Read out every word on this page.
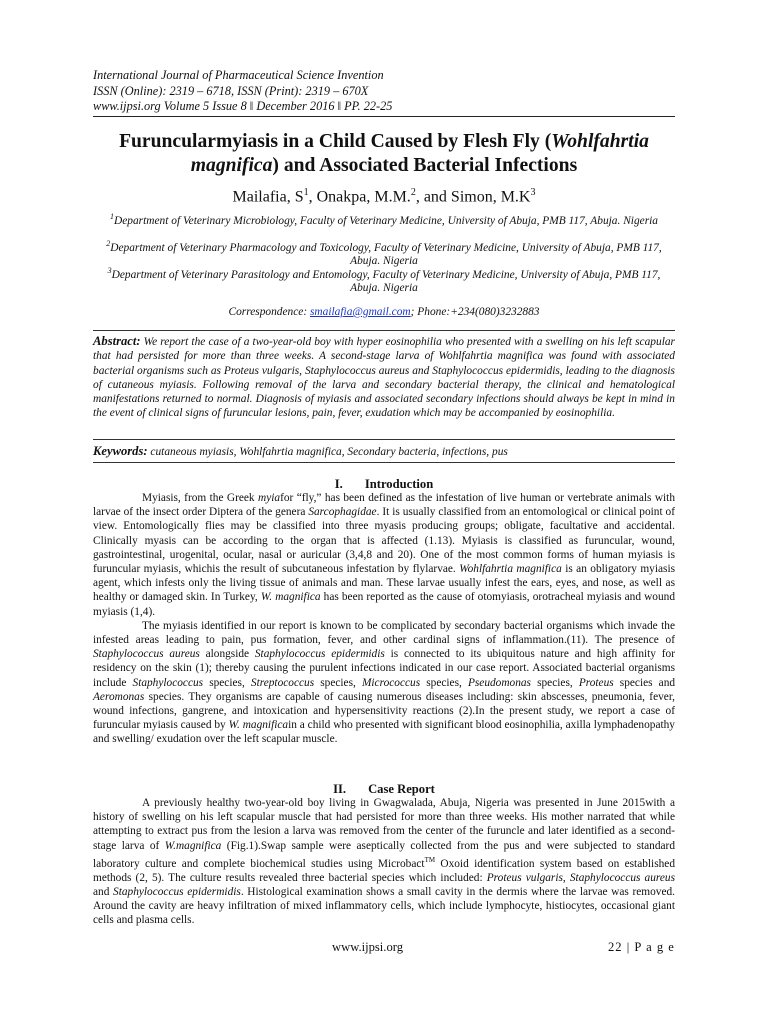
International Journal of Pharmaceutical Science Invention
ISSN (Online): 2319 – 6718, ISSN (Print): 2319 – 670X
www.ijpsi.org Volume 5 Issue 8 ǁ December 2016 ǁ PP. 22-25
Furuncularmyiasis in a Child Caused by Flesh Fly (Wohlfahrtia magnifica) and Associated Bacterial Infections
Mailafia, $S^1$, Onakpa, M.M.$^2$, and Simon, $M.K^3$
$^1$Department of Veterinary Microbiology, Faculty of Veterinary Medicine, University of Abuja, PMB 117, Abuja. Nigeria
$^2$Department of Veterinary Pharmacology and Toxicology, Faculty of Veterinary Medicine, University of Abuja, PMB 117, Abuja. Nigeria
$^3$Department of Veterinary Parasitology and Entomology, Faculty of Veterinary Medicine, University of Abuja, PMB 117, Abuja. Nigeria
Correspondence: smailafia@gmail.com; Phone:+234(080)3232883
Abstract: We report the case of a two-year-old boy with hyper eosinophilia who presented with a swelling on his left scapular that had persisted for more than three weeks. A second-stage larva of Wohlfahrtia magnifica was found with associated bacterial organisms such as Proteus vulgaris, Staphylococcus aureus and Staphylococcus epidermidis, leading to the diagnosis of cutaneous myiasis. Following removal of the larva and secondary bacterial therapy, the clinical and hematological manifestations returned to normal. Diagnosis of myiasis and associated secondary infections should always be kept in mind in the event of clinical signs of furuncular lesions, pain, fever, exudation which may be accompanied by eosinophilia.
Keywords: cutaneous myiasis, Wohlfahrtia magnifica, Secondary bacteria, infections, pus
I. Introduction

Myiasis, from the Greek myiafor “fly,” has been defined as the infestation of live human or vertebrate animals with larvae of the insect order Diptera of the genera Sarcophagidae. It is usually classified from an entomological or clinical point of view. Entomologically flies may be classified into three myasis producing groups; obligate, facultative and accidental. Clinically myasis can be according to the organ that is affected (1.13). Myiasis is classified as furuncular, wound, gastrointestinal, urogenital, ocular, nasal or auricular (3,4,8 and 20). One of the most common forms of human myiasis is furuncular myiasis, whichis the result of subcutaneous infestation by flylarvae. Wohlfahrtia magnifica is an obligatory myiasis agent, which infests only the living tissue of animals and man. These larvae usually infest the ears, eyes, and nose, as well as healthy or damaged skin. In Turkey, W. magnifica has been reported as the cause of otomyiasis, orotracheal myiasis and wound myiasis (1,4).

The myiasis identified in our report is known to be complicated by secondary bacterial organisms which invade the infested areas leading to pain, pus formation, fever, and other cardinal signs of inflammation.(11). The presence of Staphylococcus aureus alongside Staphylococcus epidermidis is connected to its ubiquitous nature and high affinity for residency on the skin (1); thereby causing the purulent infections indicated in our case report. Associated bacterial organisms include Staphylococcus species, Streptococcus species, Micrococcus species, Pseudomonas species, Proteus species and Aeromonas species. They organisms are capable of causing numerous diseases including: skin abscesses, pneumonia, fever, wound infections, gangrene, and intoxication and hypersensitivity reactions (2).In the present study, we report a case of furuncular myiasis caused by W. magnificain a child who presented with significant blood eosinophilia, axilla lymphadenopathy and swelling/ exudation over the left scapular muscle.

II. Case Report

A previously healthy two-year-old boy living in Gwagwalada, Abuja, Nigeria was presented in June 2015with a history of swelling on his left scapular muscle that had persisted for more than three weeks. His mother narrated that while attempting to extract pus from the lesion a larva was removed from the center of the furuncle and later identified as a second-stage larva of W.magnifica (Fig.1).Swap sample were aseptically collected from the pus and were subjected to standard laboratory culture and complete biochemical studies using Microbact™ Oxoid identification system based on established methods (2, 5). The culture results revealed three bacterial species which included: Proteus vulgaris, Staphylococcus aureus and Staphylococcus epidermidis. Histological examination shows a small cavity in the dermis where the larvae was removed. Around the cavity are heavy infiltration of mixed inflammatory cells, which include lymphocyte, histiocytes, occasional giant cells and plasma cells.

www.ijpsi.org	22 | P a g e
